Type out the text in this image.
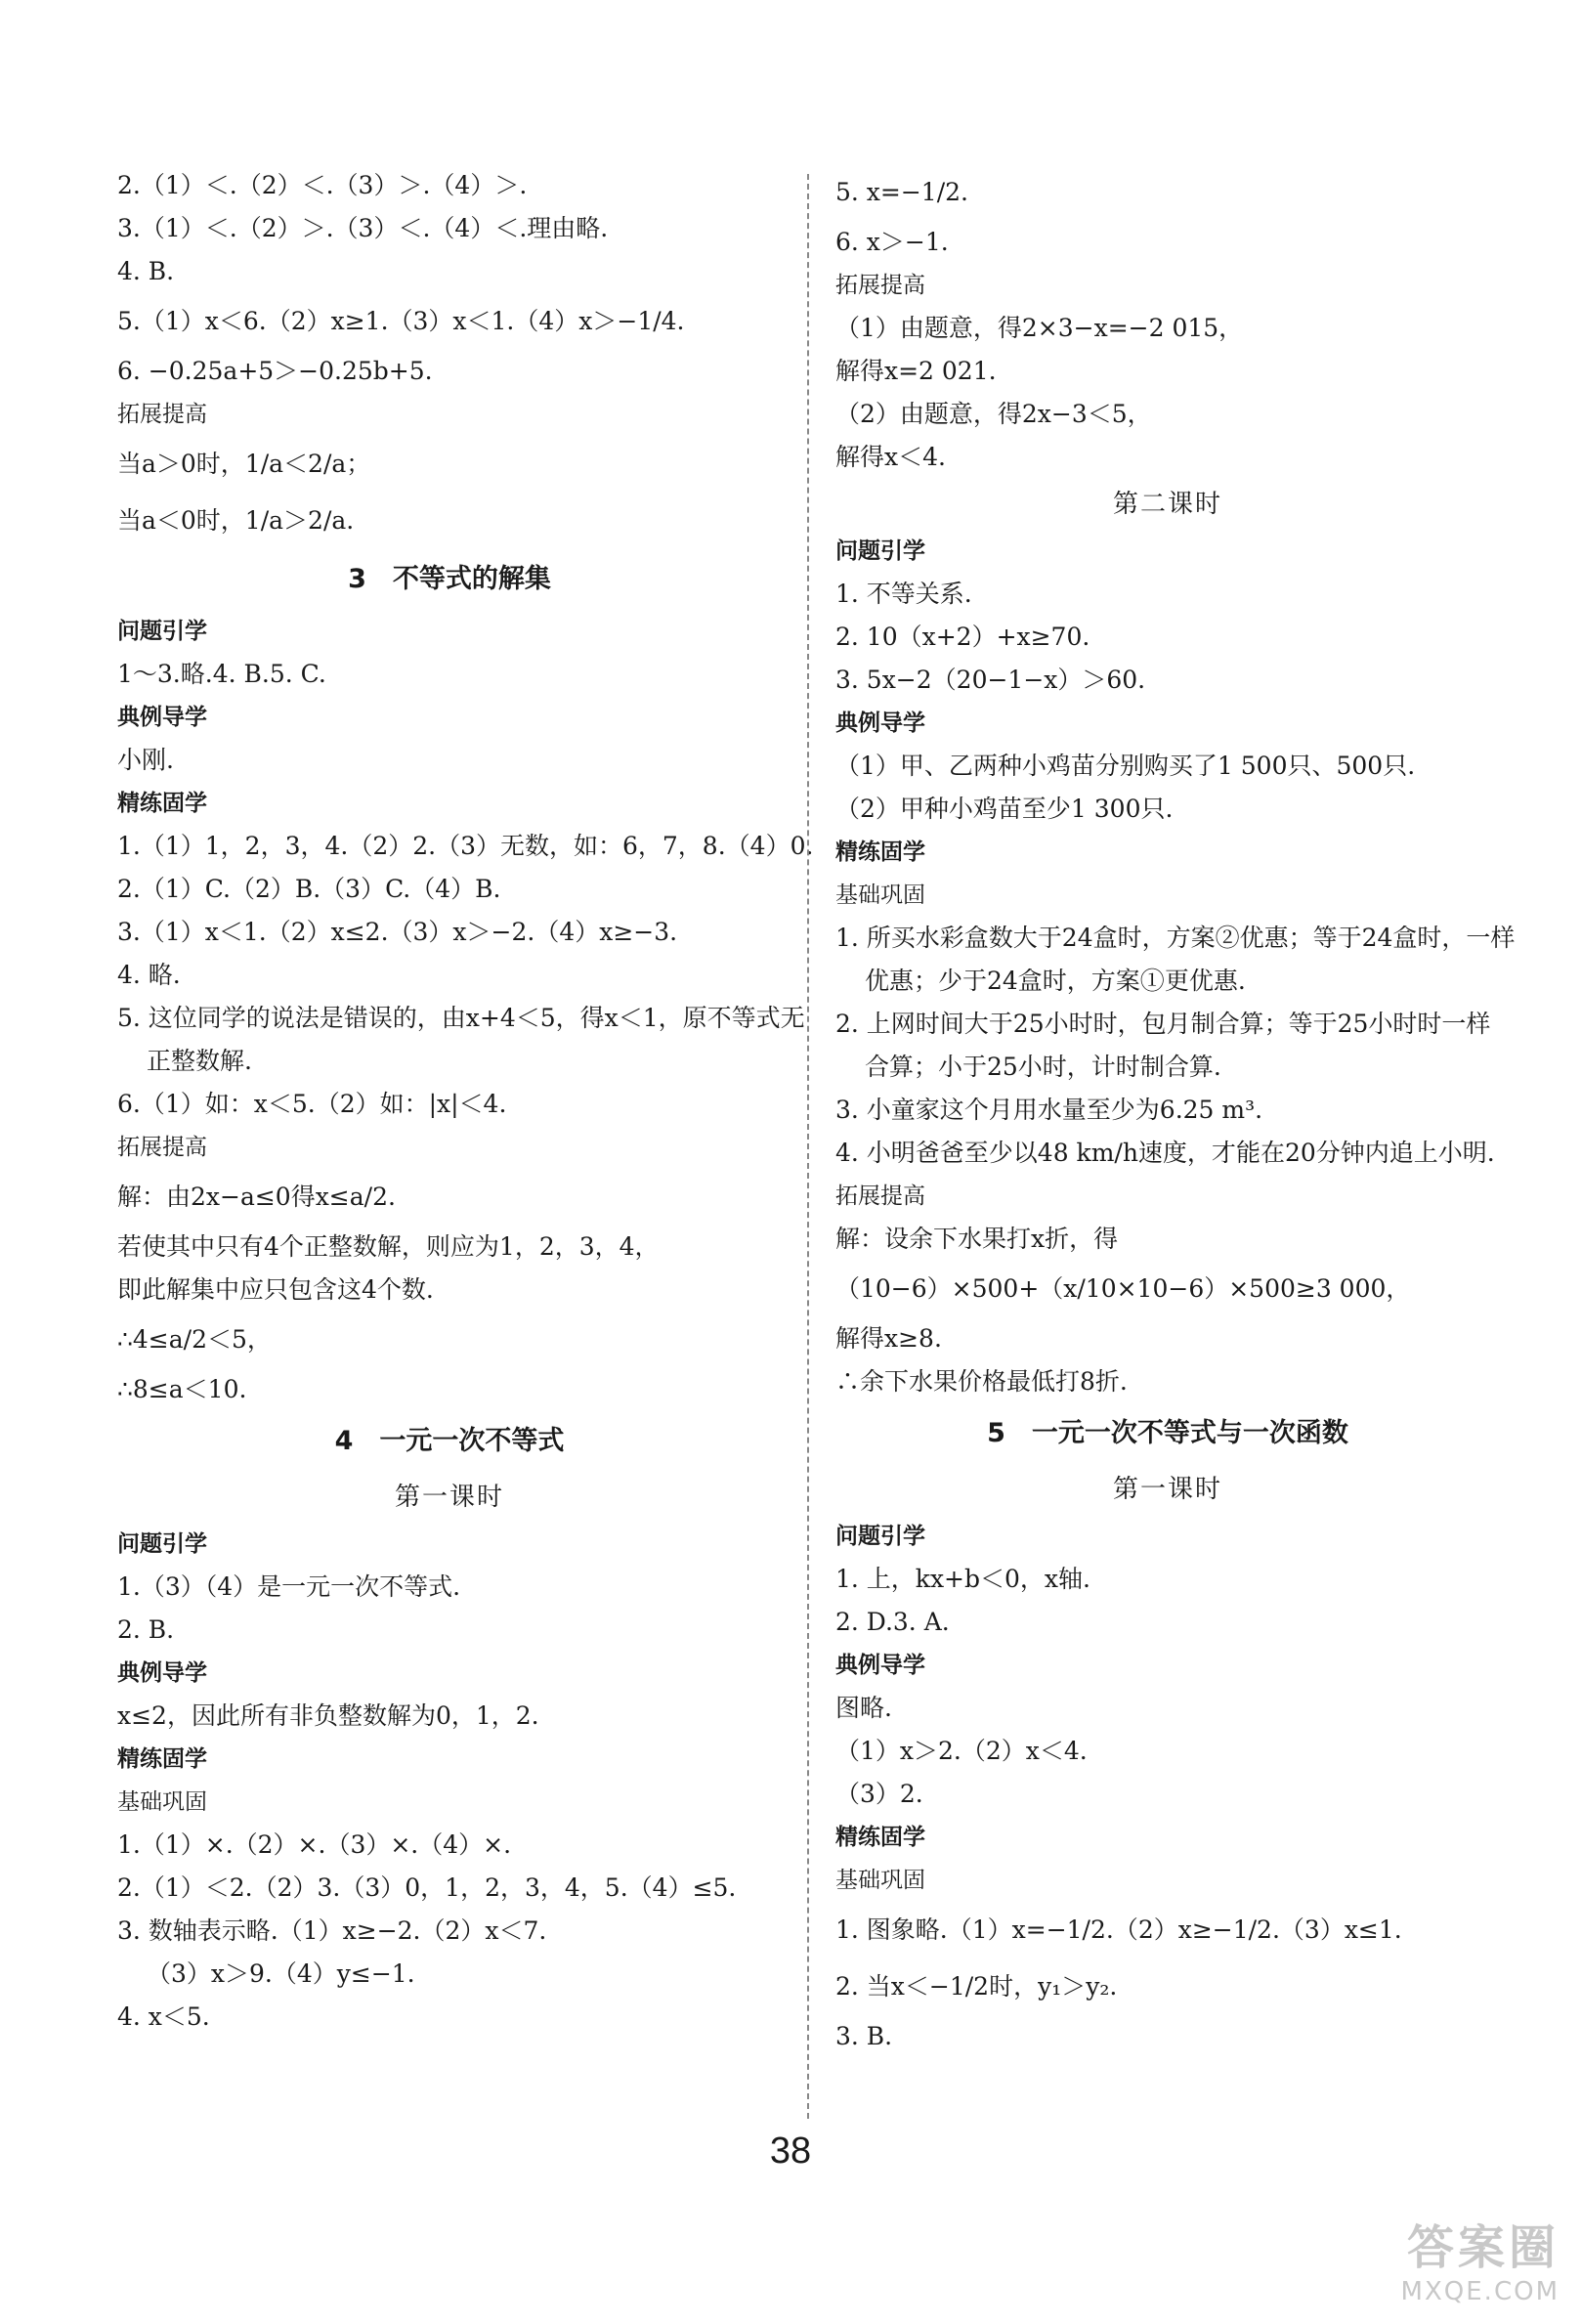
2.（1）＜.（2）＜.（3）＞.（4）＞.
3.（1）＜.（2）＞.（3）＜.（4）＜.理由略.
4. B.
5.（1）x＜6.（2）x≥1.（3）x＜1.（4）x＞−1/4.
6. −0.25a+5＞−0.25b+5.
拓展提高
当a＞0时，1/a＜2/a；
当a＜0时，1/a＞2/a.
3　不等式的解集
问题引学
1～3.略.4. B.5. C.
典例导学
小刚.
精练固学
1.（1）1，2，3，4.（2）2.（3）无数，如：6，7，8.（4）0.
2.（1）C.（2）B.（3）C.（4）B.
3.（1）x＜1.（2）x≤2.（3）x＞−2.（4）x≥−3.
4. 略.
5. 这位同学的说法是错误的，由x+4＜5，得x＜1，原不等式无
正整数解.
6.（1）如：x＜5.（2）如：|x|＜4.
拓展提高
解：由2x−a≤0得x≤a/2.
若使其中只有4个正整数解，则应为1，2，3，4，
即此解集中应只包含这4个数.
∴4≤a/2＜5，
∴8≤a＜10.
4　一元一次不等式
第一课时
问题引学
1.（3）（4）是一元一次不等式.
2. B.
典例导学
x≤2，因此所有非负整数解为0，1，2.
精练固学
基础巩固
1.（1）×.（2）×.（3）×.（4）×.
2.（1）＜2.（2）3.（3）0，1，2，3，4，5.（4）≤5.
3. 数轴表示略.（1）x≥−2.（2）x＜7.
（3）x＞9.（4）y≤−1.
4. x＜5.
5. x=−1/2.
6. x＞−1.
拓展提高
（1）由题意，得2×3−x=−2 015，
解得x=2 021.
（2）由题意，得2x−3＜5，
解得x＜4.
第二课时
问题引学
1. 不等关系.
2. 10（x+2）+x≥70.
3. 5x−2（20−1−x）＞60.
典例导学
（1）甲、乙两种小鸡苗分别购买了1 500只、500只.
（2）甲种小鸡苗至少1 300只.
精练固学
基础巩固
1. 所买水彩盒数大于24盒时，方案②优惠；等于24盒时，一样
优惠；少于24盒时，方案①更优惠.
2. 上网时间大于25小时时，包月制合算；等于25小时时一样
合算；小于25小时，计时制合算.
3. 小童家这个月用水量至少为6.25 m³.
4. 小明爸爸至少以48 km/h速度，才能在20分钟内追上小明.
拓展提高
解：设余下水果打x折，得
（10−6）×500+（x/10×10−6）×500≥3 000，
解得x≥8.
∴余下水果价格最低打8折.
5　一元一次不等式与一次函数
第一课时
问题引学
1. 上，kx+b＜0，x轴.
2. D.3. A.
典例导学
图略.
（1）x＞2.（2）x＜4.
（3）2.
精练固学
基础巩固
1. 图象略.（1）x=−1/2.（2）x≥−1/2.（3）x≤1.
2. 当x＜−1/2时，y₁＞y₂.
3. B.
38
答案圈
MXQE.COM
